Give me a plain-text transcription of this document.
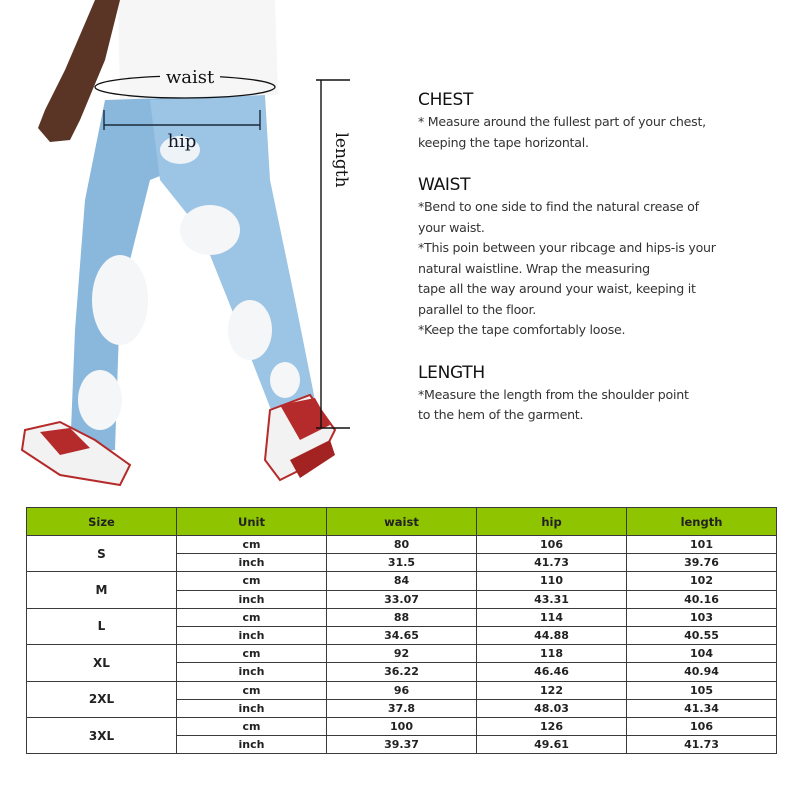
waist
hip	length
CHEST

* Measure around the fullest part of your chest,

keeping the tape horizontal.

WAIST

*Bend to one side to find the natural crease of

your waist.

*This poin between your ribcage and hips-is your

natural waistline. Wrap the measuring

tape all the way around your waist, keeping it

parallel to the floor.

*Keep the tape comfortably loose.

LENGTH

*Measure the length from the shoulder point

to the hem of the garment.

Size	Unit	waist	hip	length
S	cm	80	106	101
	inch	31.5	41.73	39.76
M	cm	84	110	102
	inch	33.07	43.31	40.16
L	cm	88	114	103
	inch	34.65	44.88	40.55
XL	cm	92	118	104
	inch	36.22	46.46	40.94
2XL	cm	96	122	105
	inch	37.8	48.03	41.34
3XL	cm	100	126	106
	inch	39.37	49.61	41.73
